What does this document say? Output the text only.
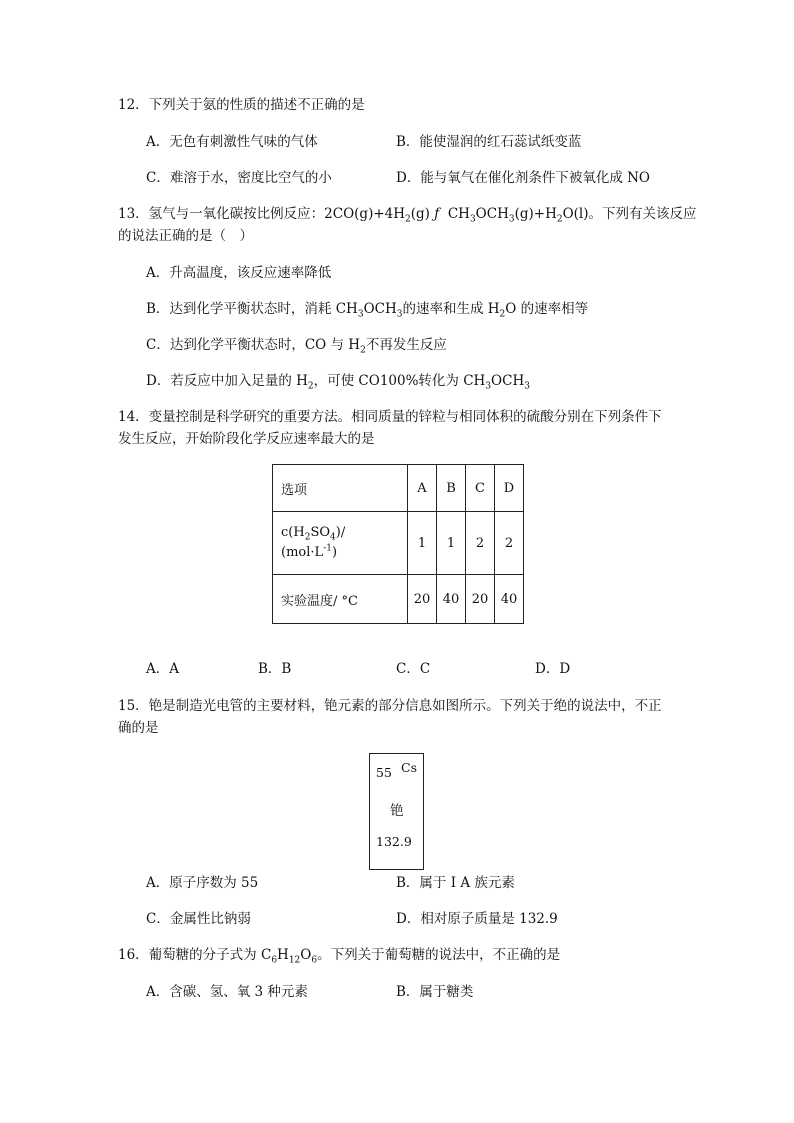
12．下列关于氨的性质的描述不正确的是
A．无色有刺激性气味的气体	B．能使湿润的红石蕊试纸变蓝
C．难溶于水，密度比空气的小	D．能与氧气在催化剂条件下被氧化成 NO
13．氢气与一氧化碳按比例反应：$2CO(g)+4H_2(g)$ ƒ $CH_3OCH_3(g)+H_2O(l)$。下列有关该反应
的说法正确的是（　）
A．升高温度，该反应速率降低
B．达到化学平衡状态时，消耗 $CH_3OCH_3$的速率和生成 $H_2O$ 的速率相等
C．达到化学平衡状态时，CO 与 $H_2$不再发生反应
D．若反应中加入足量的 $H_2$，可使 CO100%转化为 $CH_3OCH_3$
14．变量控制是科学研究的重要方法。相同质量的锌粒与相同体积的硫酸分别在下列条件下
发生反应，开始阶段化学反应速率最大的是
选项	A	B	C	D
$c(H_2SO_4)/$
$(mol\cdot L^{-1})$	1	1	2	2
实验温度/ °C	20	40	20	40
A．A	B．B	C．C	D．D
15．铯是制造光电管的主要材料，铯元素的部分信息如图所示。下列关于绝的说法中，不正
确的是
55 Cs
铯
132.9
A．原子序数为 55	B．属于 I A 族元素
C．金属性比钠弱	D．相对原子质量是 132.9
16．葡萄糖的分子式为 $C_6H_{12}O_6$。下列关于葡萄糖的说法中，不正确的是
A．含碳、氢、氧 3 种元素	B．属于糖类
